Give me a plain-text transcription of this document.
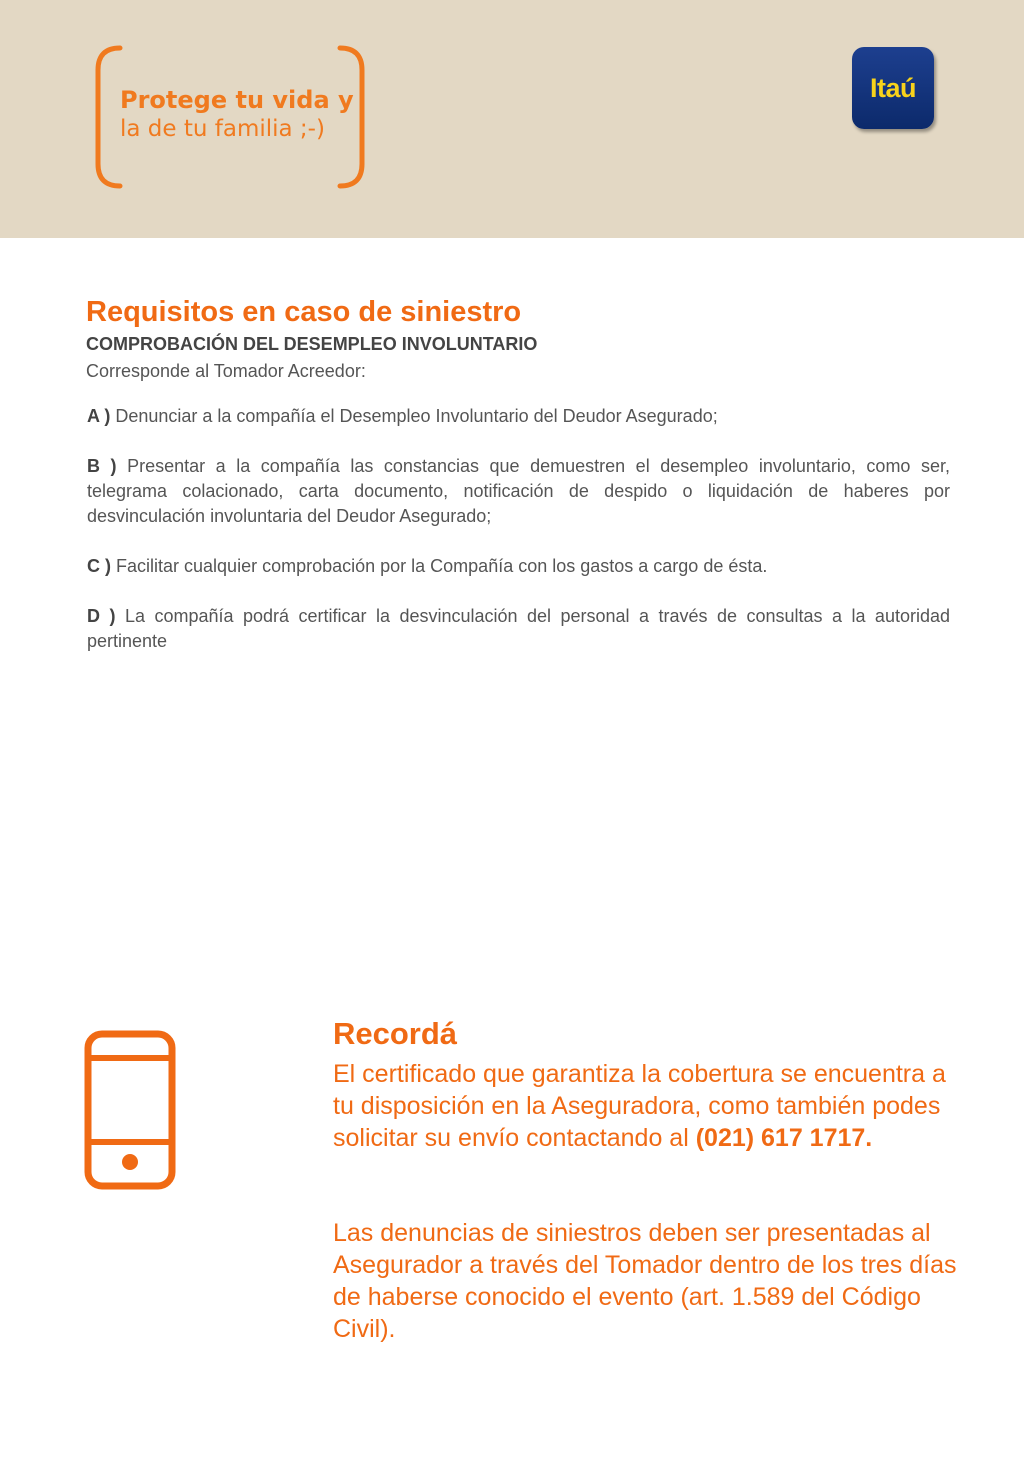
Protege tu vida y
la de tu familia ;-)
Itaú
Requisitos en caso de siniestro
COMPROBACIÓN DEL DESEMPLEO INVOLUNTARIO
Corresponde al Tomador Acreedor:
A ) Denunciar a la compañía el Desempleo Involuntario del Deudor Asegurado;
B ) Presentar a la compañía las constancias que demuestren el desempleo involuntario, como ser, telegrama colacionado, carta documento, notificación de despido o liquidación de haberes por desvinculación involuntaria del Deudor Asegurado;
C ) Facilitar cualquier comprobación por la Compañía con los gastos a cargo de ésta.
D ) La compañía podrá certificar la desvinculación del personal a través de consultas a la autoridad pertinente
Recordá
El certificado que garantiza la cobertura se encuentra a tu disposición en la Aseguradora, como también podes solicitar su envío contactando al (021) 617 1717.
Las denuncias de siniestros deben ser presentadas al Asegurador a través del Tomador dentro de los tres días de haberse conocido el evento (art. 1.589 del Código Civil).
